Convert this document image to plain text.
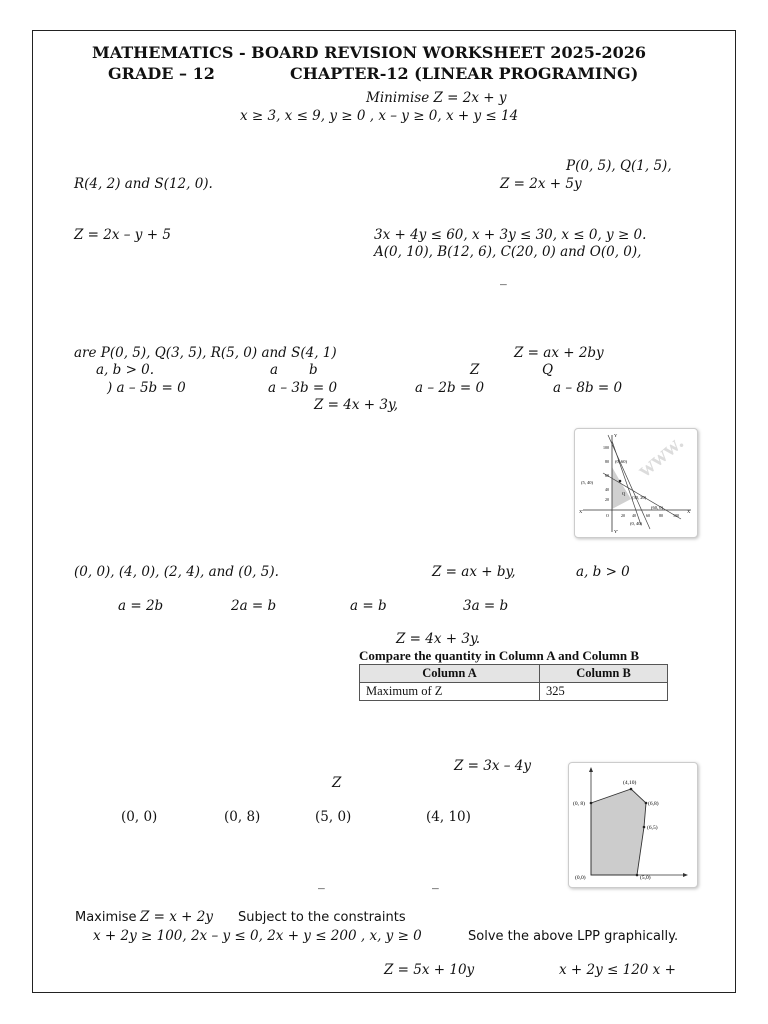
MATHEMATICS - BOARD REVISION WORKSHEET 2025-2026
GRADE – 12	CHAPTER-12 (LINEAR PROGRAMING)
Minimise Z = 2x + y
x ≥ 3, x ≤ 9, y ≥ 0 , x – y ≥ 0, x + y ≤ 14
P(0, 5), Q(1, 5),
R(4, 2) and S(12, 0).	Z = 2x + 5y
Z = 2x – y + 5	3x + 4y ≤ 60, x + 3y ≤ 30, x ≤ 0, y ≥ 0.
A(0, 10), B(12, 6), C(20, 0) and O(0, 0),
_
are P(0, 5), Q(3, 5), R(5, 0) and S(4, 1)	Z = ax + 2by
a, b > 0.	a b	Z	Q
) a – 5b = 0	a – 3b = 0	a – 2b = 0	a – 8b = 0
Z = 4x + 3y,
www.
(0, 60)
(5, 40)
(30, 20)
(60, 0)
(0, 40)
Q
100
80
60
40
20
20 40	60 80	100
O
X'	X
Y
Y'
(0, 0), (4, 0), (2, 4), and (0, 5).	Z = ax + by,	a, b > 0
a = 2b	2a = b	a = b	3a = b
Z = 4x + 3y.
Compare the quantity in Column A and Column B
Column A	Column B
Maximum of Z	325
Z = 3x – 4y
Z
(0, 0)	(0, 8)	(5, 0)	(4, 10)
_	_
(0, 8)
(4,10)
(6,8)
(6,5)
(0,0)	(5,0)
Maximise Z = x + 2y Subject to the constraints
x + 2y ≥ 100, 2x – y ≤ 0, 2x + y ≤ 200 , x, y ≥ 0	Solve the above LPP graphically.
Z = 5x + 10y	x + 2y ≤ 120 x +
